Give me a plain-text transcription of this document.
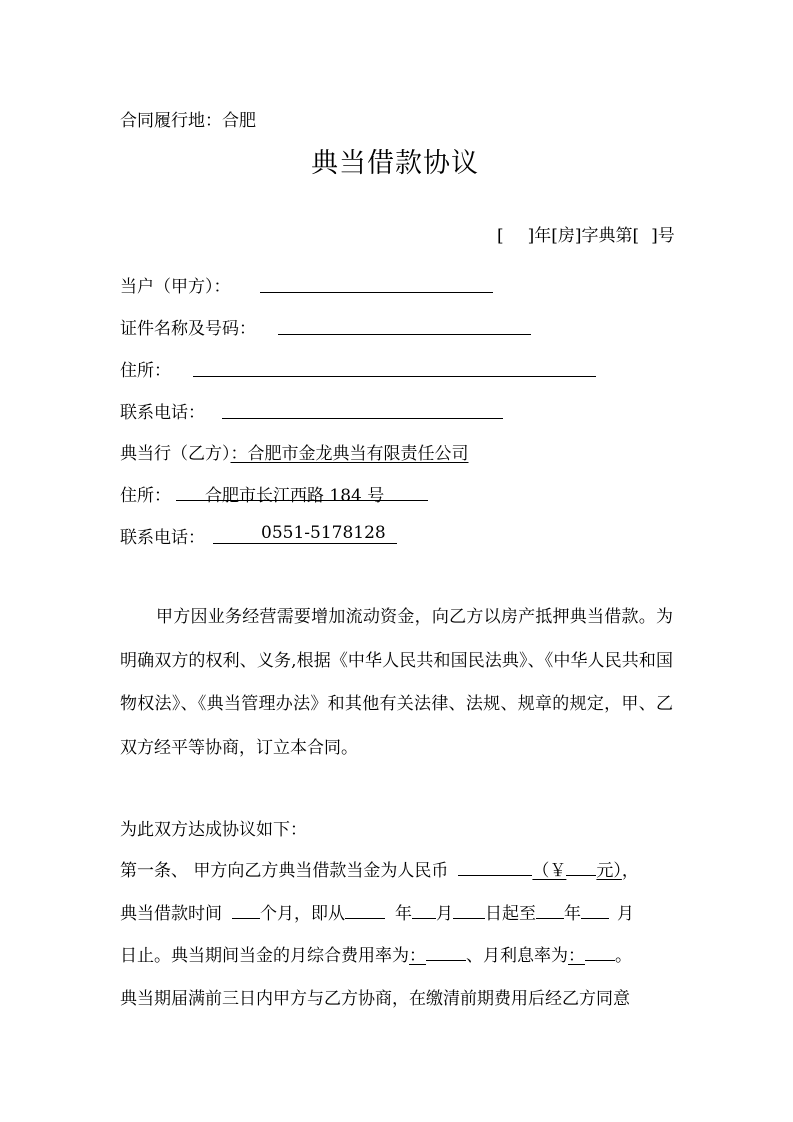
合同履行地：合肥
典当借款协议
[ ]年[房]字典第[ ]号
当户（甲方）：
证件名称及号码：
住所：
联系电话：
典当行（乙方）：合肥市金龙典当有限责任公司
住所： 合肥市长江西路 184 号
联系电话：	0551-5178128
甲方因业务经营需要增加流动资金，向乙方以房产抵押典当借款。为明确双方的权利、义务,根据《中华人民共和国民法典》、《中华人民共和国物权法》、《典当管理办法》和其他有关法律、法规、规章的规定，甲、乙双方经平等协商，订立本合同。
为此双方达成协议如下：
第一条、 甲方向乙方典当借款当金为人民币	（￥ 元），
典当借款时间 个月，即从	年 月 日起至 年 月
日止。典当期间当金的月综合费用率为： 、月利息率为： 。
典当期届满前三日内甲方与乙方协商，在缴清前期费用后经乙方同意
